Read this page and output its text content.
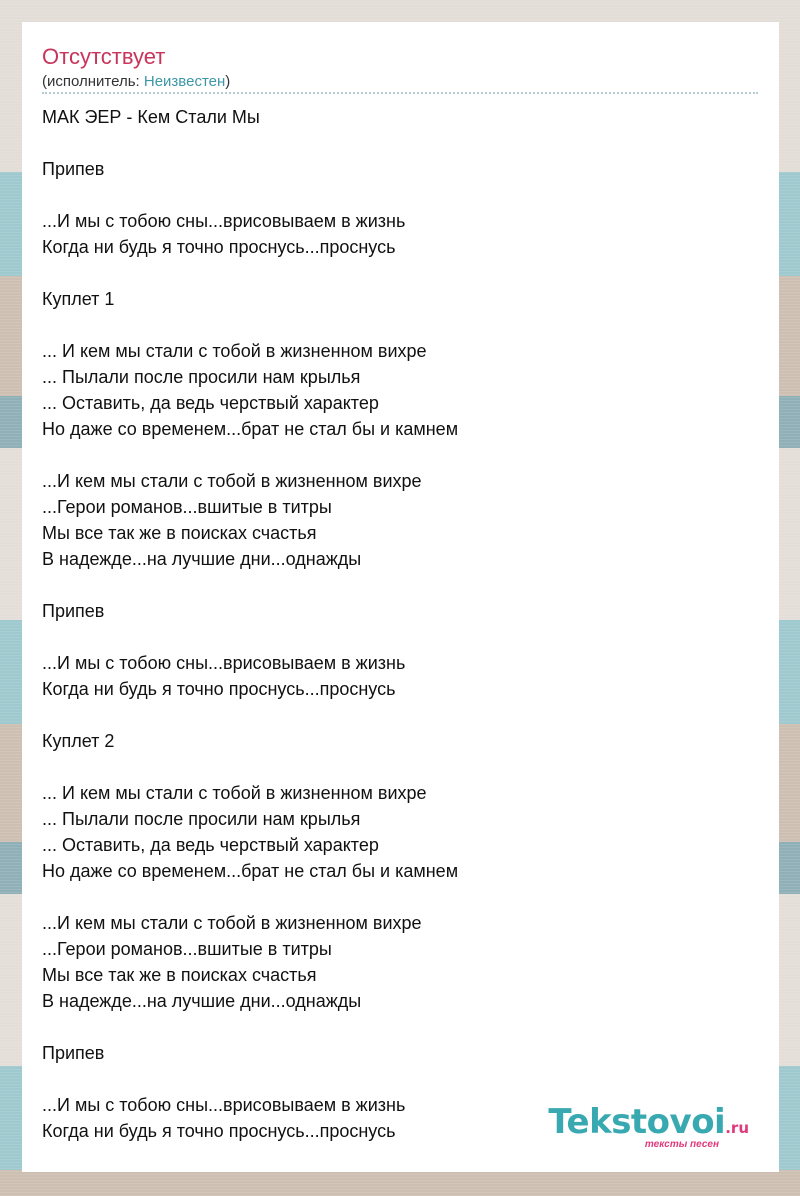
Отсутствует
(исполнитель: Неизвестен)
МАК ЭЕР - Кем Стали Мы
Припев
...И мы с тобою сны...врисовываем в жизнь
Когда ни будь я точно проснусь...проснусь
Куплет 1
... И кем мы стали с тобой в жизненном вихре
... Пылали после просили нам крылья
... Оставить, да ведь черствый характер
Но даже со временем...брат не стал бы и камнем
...И кем мы стали с тобой в жизненном вихре
...Герои романов...вшитые в титры
Мы все так же в поисках счастья
В надежде...на лучшие дни...однажды
Припев
...И мы с тобою сны...врисовываем в жизнь
Когда ни будь я точно проснусь...проснусь
Куплет 2
... И кем мы стали с тобой в жизненном вихре
... Пылали после просили нам крылья
... Оставить, да ведь черствый характер
Но даже со временем...брат не стал бы и камнем
...И кем мы стали с тобой в жизненном вихре
...Герои романов...вшитые в титры
Мы все так же в поисках счастья
В надежде...на лучшие дни...однажды
Припев
...И мы с тобою сны...врисовываем в жизнь
Когда ни будь я точно проснусь...проснусь	Tekstovoi.ru
тексты песен
